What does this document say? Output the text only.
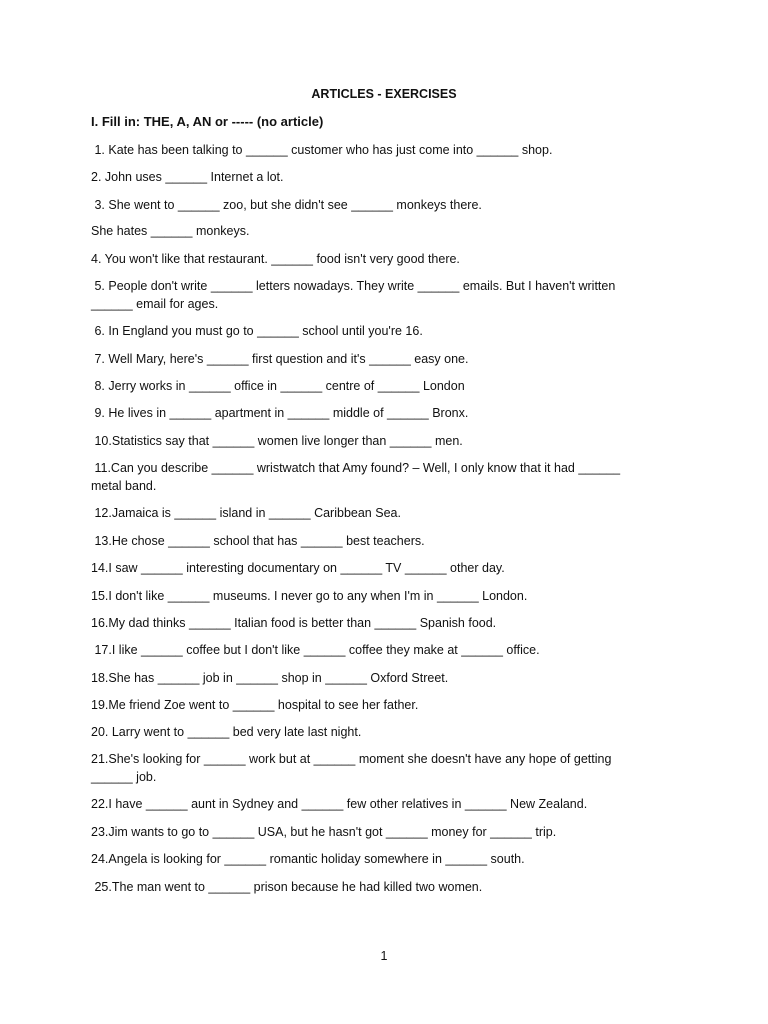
ARTICLES - EXERCISES
I. Fill in: THE, A, AN or ----- (no article)
1. Kate has been talking to ______ customer who has just come into ______ shop.
2. John uses ______ Internet a lot.
3. She went to ______ zoo, but she didn't see ______ monkeys there.
She hates ______ monkeys.
4. You won't like that restaurant. ______ food isn't very good there.
5. People don't write ______ letters nowadays. They write ______ emails. But I haven't written ______ email for ages.
6. In England you must go to ______ school until you're 16.
7. Well Mary, here's ______ first question and it's ______ easy one.
8. Jerry works in ______ office in ______ centre of ______ London
9. He lives in ______ apartment in ______ middle of ______ Bronx.
10.Statistics say that ______ women live longer than ______ men.
11.Can you describe ______ wristwatch that Amy found? – Well, I only know that it had ______ metal band.
12.Jamaica is ______ island in ______ Caribbean Sea.
13.He chose ______ school that has ______ best teachers.
14.I saw ______ interesting documentary on ______ TV ______ other day.
15.I don't like ______ museums. I never go to any when I'm in ______ London.
16.My dad thinks ______ Italian food is better than ______ Spanish food.
17.I like ______ coffee but I don't like ______ coffee they make at ______ office.
18.She has ______ job in ______ shop in ______ Oxford Street.
19.Me friend Zoe went to ______ hospital to see her father.
20. Larry went to ______ bed very late last night.
21.She's looking for ______ work but at ______ moment she doesn't have any hope of getting ______ job.
22.I have ______ aunt in Sydney and ______ few other relatives in ______ New Zealand.
23.Jim wants to go to ______ USA, but he hasn't got ______ money for ______ trip.
24.Angela is looking for ______ romantic holiday somewhere in ______ south.
25.The man went to ______ prison because he had killed two women.
1
